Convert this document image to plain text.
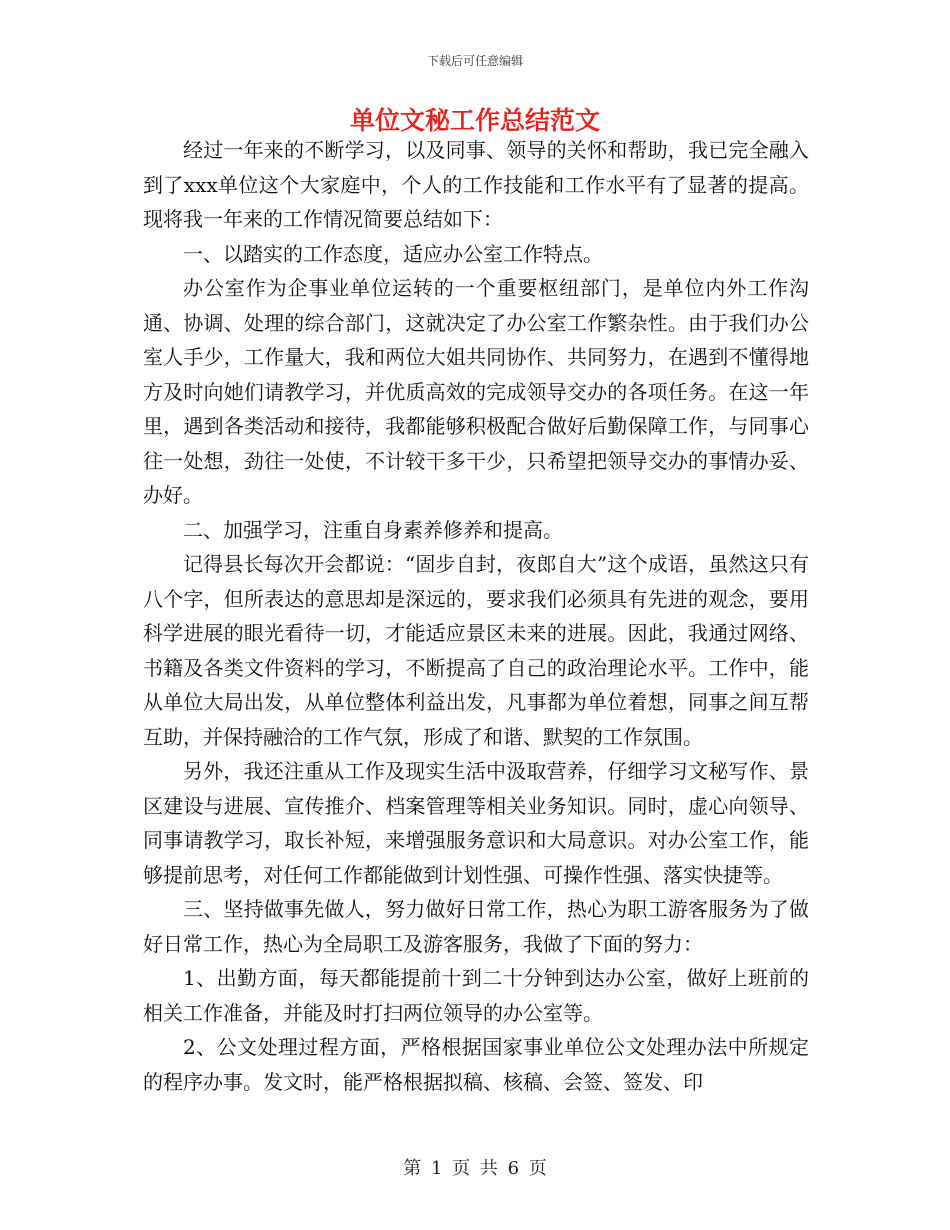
下载后可任意编辑
单位文秘工作总结范文

经过一年来的不断学习，以及同事、领导的关怀和帮助，我已完全融入到了xxx单位这个大家庭中，个人的工作技能和工作水平有了显著的提高。现将我一年来的工作情况简要总结如下：

一、以踏实的工作态度，适应办公室工作特点。

办公室作为企事业单位运转的一个重要枢纽部门，是单位内外工作沟通、协调、处理的综合部门，这就决定了办公室工作繁杂性。由于我们办公室人手少，工作量大，我和两位大姐共同协作、共同努力，在遇到不懂得地方及时向她们请教学习，并优质高效的完成领导交办的各项任务。在这一年里，遇到各类活动和接待，我都能够积极配合做好后勤保障工作，与同事心往一处想，劲往一处使，不计较干多干少，只希望把领导交办的事情办妥、办好。

二、加强学习，注重自身素养修养和提高。

记得县长每次开会都说：“固步自封，夜郎自大”这个成语，虽然这只有八个字，但所表达的意思却是深远的，要求我们必须具有先进的观念，要用科学进展的眼光看待一切，才能适应景区未来的进展。因此，我通过网络、书籍及各类文件资料的学习，不断提高了自己的政治理论水平。工作中，能从单位大局出发，从单位整体利益出发，凡事都为单位着想，同事之间互帮互助，并保持融洽的工作气氛，形成了和谐、默契的工作氛围。

另外，我还注重从工作及现实生活中汲取营养，仔细学习文秘写作、景区建设与进展、宣传推介、档案管理等相关业务知识。同时，虚心向领导、同事请教学习，取长补短，来增强服务意识和大局意识。对办公室工作，能够提前思考，对任何工作都能做到计划性强、可操作性强、落实快捷等。

三、坚持做事先做人，努力做好日常工作，热心为职工游客服务为了做好日常工作，热心为全局职工及游客服务，我做了下面的努力：

1、出勤方面，每天都能提前十到二十分钟到达办公室，做好上班前的相关工作准备，并能及时打扫两位领导的办公室等。

2、公文处理过程方面，严格根据国家事业单位公文处理办法中所规定的程序办事。发文时，能严格根据拟稿、核稿、会签、签发、印

第 1 页 共 6 页
